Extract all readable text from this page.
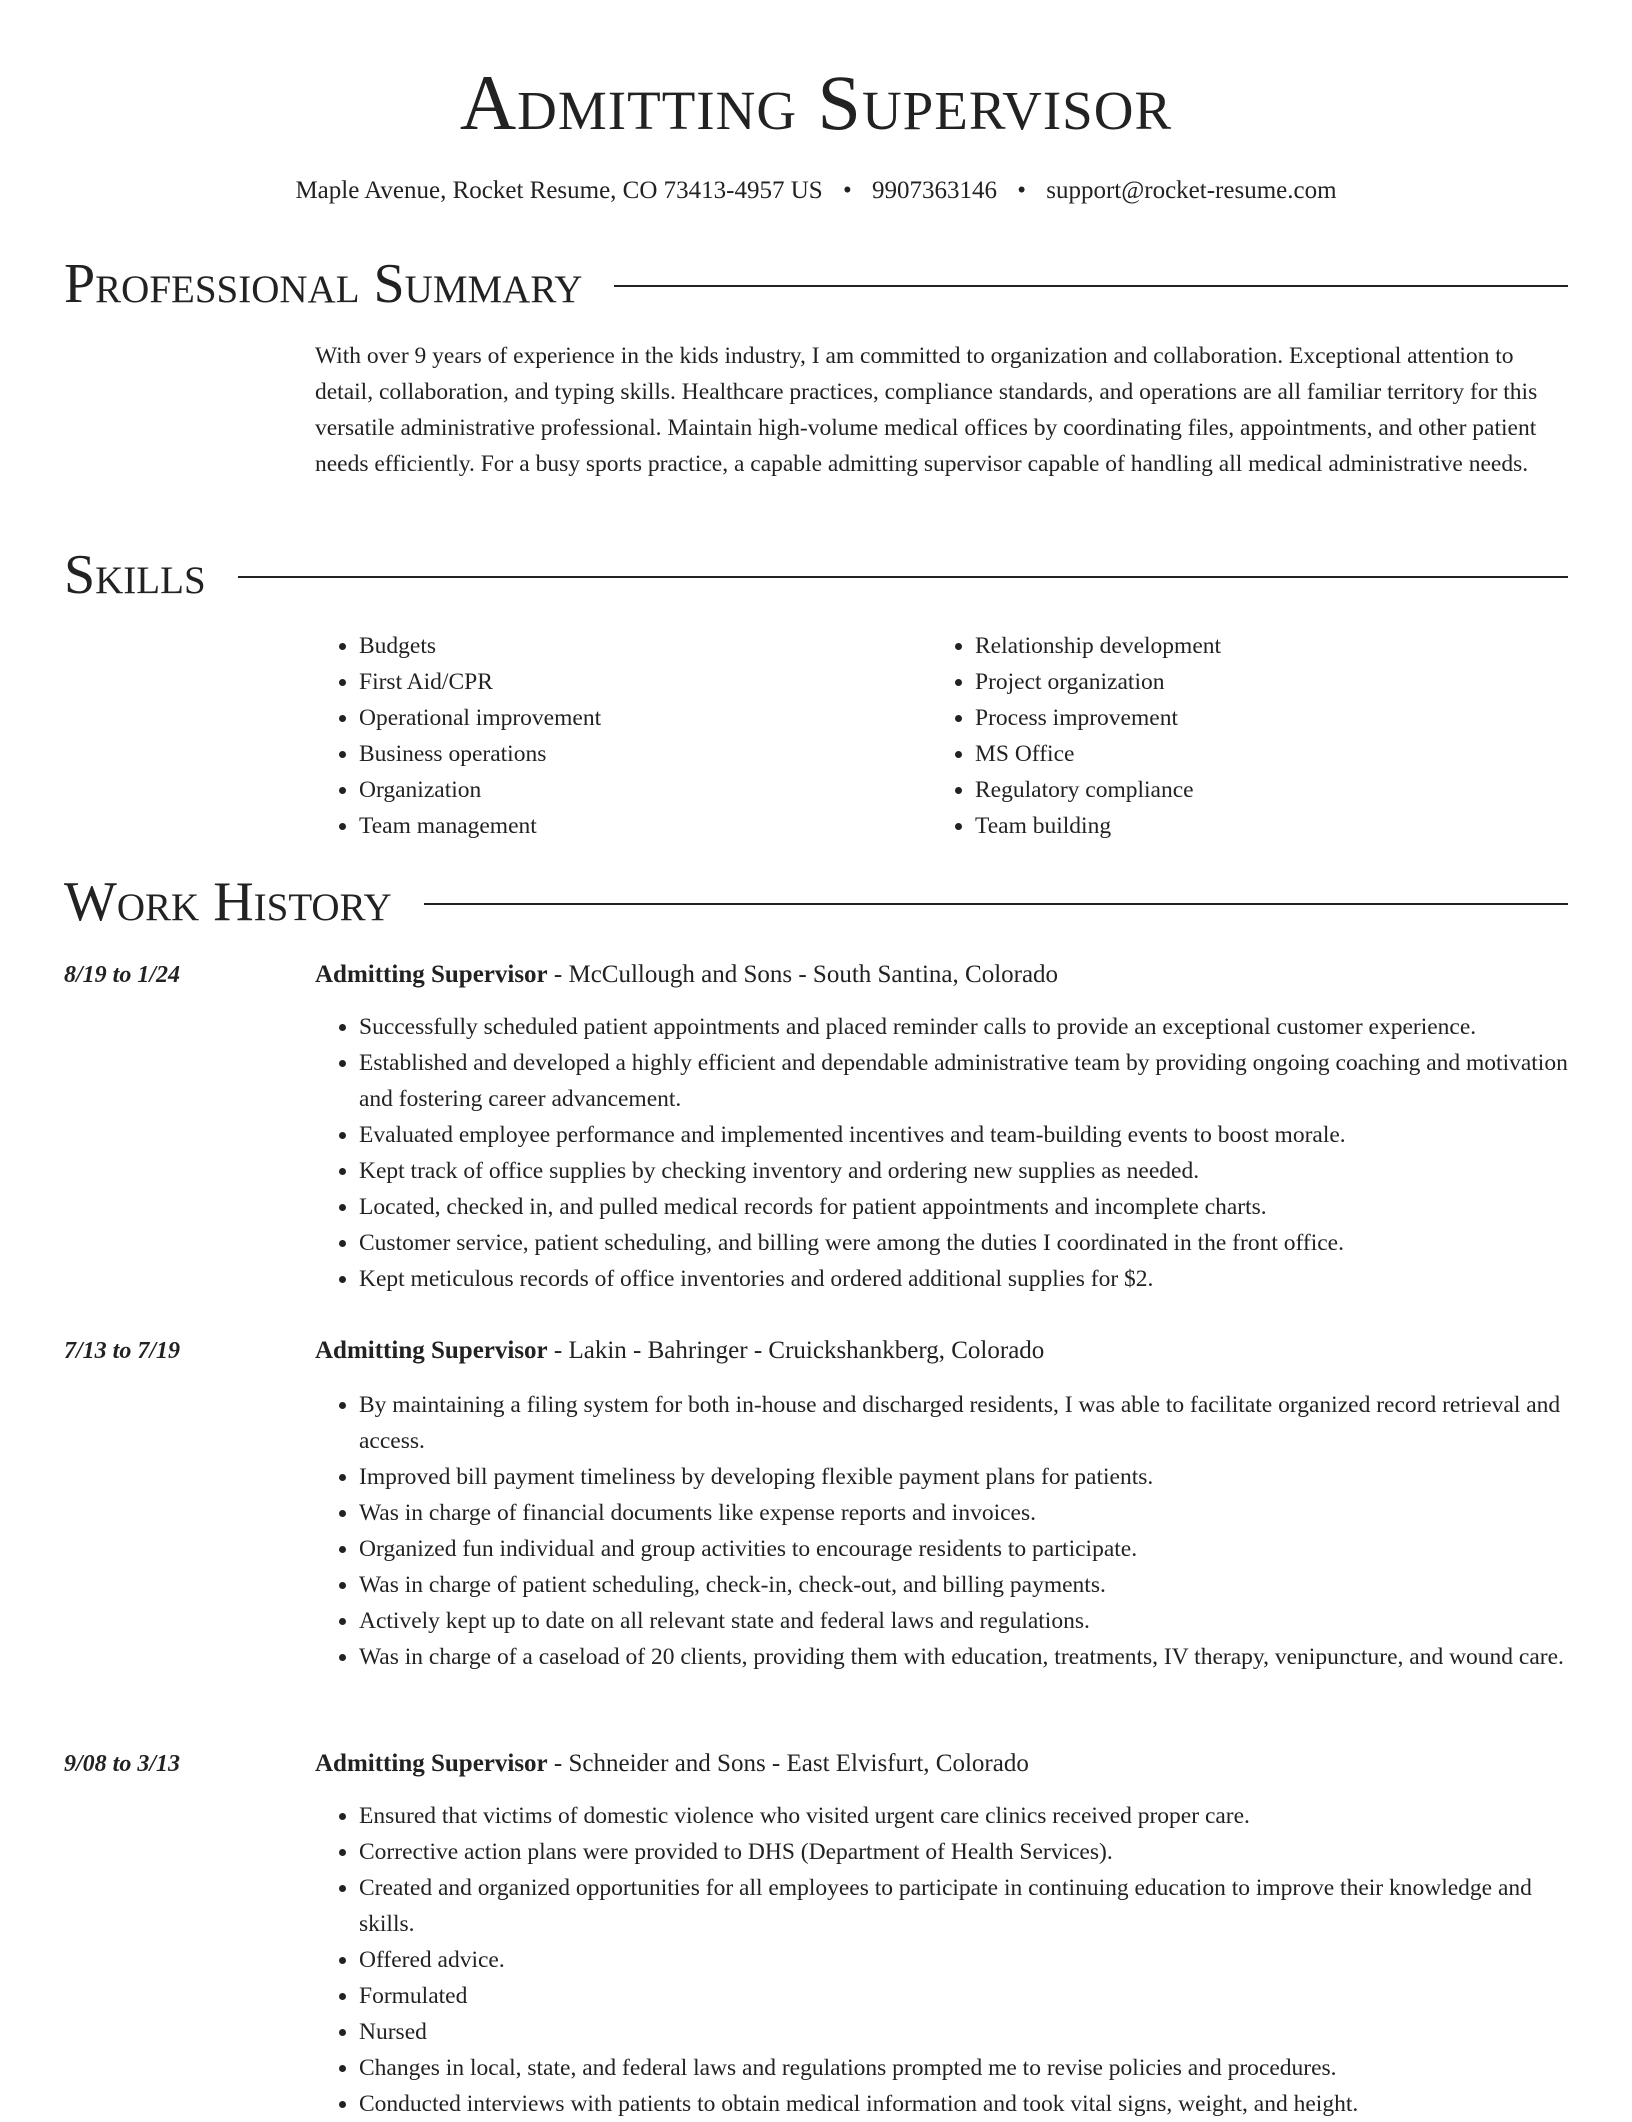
Admitting Supervisor
Maple Avenue, Rocket Resume, CO 73413-4957 US • 9907363146 • support@rocket-resume.com
Professional Summary

With over 9 years of experience in the kids industry, I am committed to organization and collaboration. Exceptional attention to detail, collaboration, and typing skills. Healthcare practices, compliance standards, and operations are all familiar territory for this versatile administrative professional. Maintain high-volume medical offices by coordinating files, appointments, and other patient needs efficiently. For a busy sports practice, a capable admitting supervisor capable of handling all medical administrative needs.

Skills
• Budgets
• First Aid/CPR
• Operational improvement
• Business operations
• Organization
• Team management
• Relationship development
• Project organization
• Process improvement
• MS Office
• Regulatory compliance
• Team building
Work History
8/19 to 1/24	Admitting Supervisor - McCullough and Sons - South Santina, Colorado
• Successfully scheduled patient appointments and placed reminder calls to provide an exceptional customer experience.
• Established and developed a highly efficient and dependable administrative team by providing ongoing coaching and motivation and fostering career advancement.
• Evaluated employee performance and implemented incentives and team-building events to boost morale.
• Kept track of office supplies by checking inventory and ordering new supplies as needed.
• Located, checked in, and pulled medical records for patient appointments and incomplete charts.
• Customer service, patient scheduling, and billing were among the duties I coordinated in the front office.
• Kept meticulous records of office inventories and ordered additional supplies for $2.
7/13 to 7/19	Admitting Supervisor - Lakin - Bahringer - Cruickshankberg, Colorado
• By maintaining a filing system for both in-house and discharged residents, I was able to facilitate organized record retrieval and access.
• Improved bill payment timeliness by developing flexible payment plans for patients.
• Was in charge of financial documents like expense reports and invoices.
• Organized fun individual and group activities to encourage residents to participate.
• Was in charge of patient scheduling, check-in, check-out, and billing payments.
• Actively kept up to date on all relevant state and federal laws and regulations.
• Was in charge of a caseload of 20 clients, providing them with education, treatments, IV therapy, venipuncture, and wound care.
9/08 to 3/13	Admitting Supervisor - Schneider and Sons - East Elvisfurt, Colorado
• Ensured that victims of domestic violence who visited urgent care clinics received proper care.
• Corrective action plans were provided to DHS (Department of Health Services).
• Created and organized opportunities for all employees to participate in continuing education to improve their knowledge and skills.
• Offered advice.
• Formulated
• Nursed
• Changes in local, state, and federal laws and regulations prompted me to revise policies and procedures.
• Conducted interviews with patients to obtain medical information and took vital signs, weight, and height.
